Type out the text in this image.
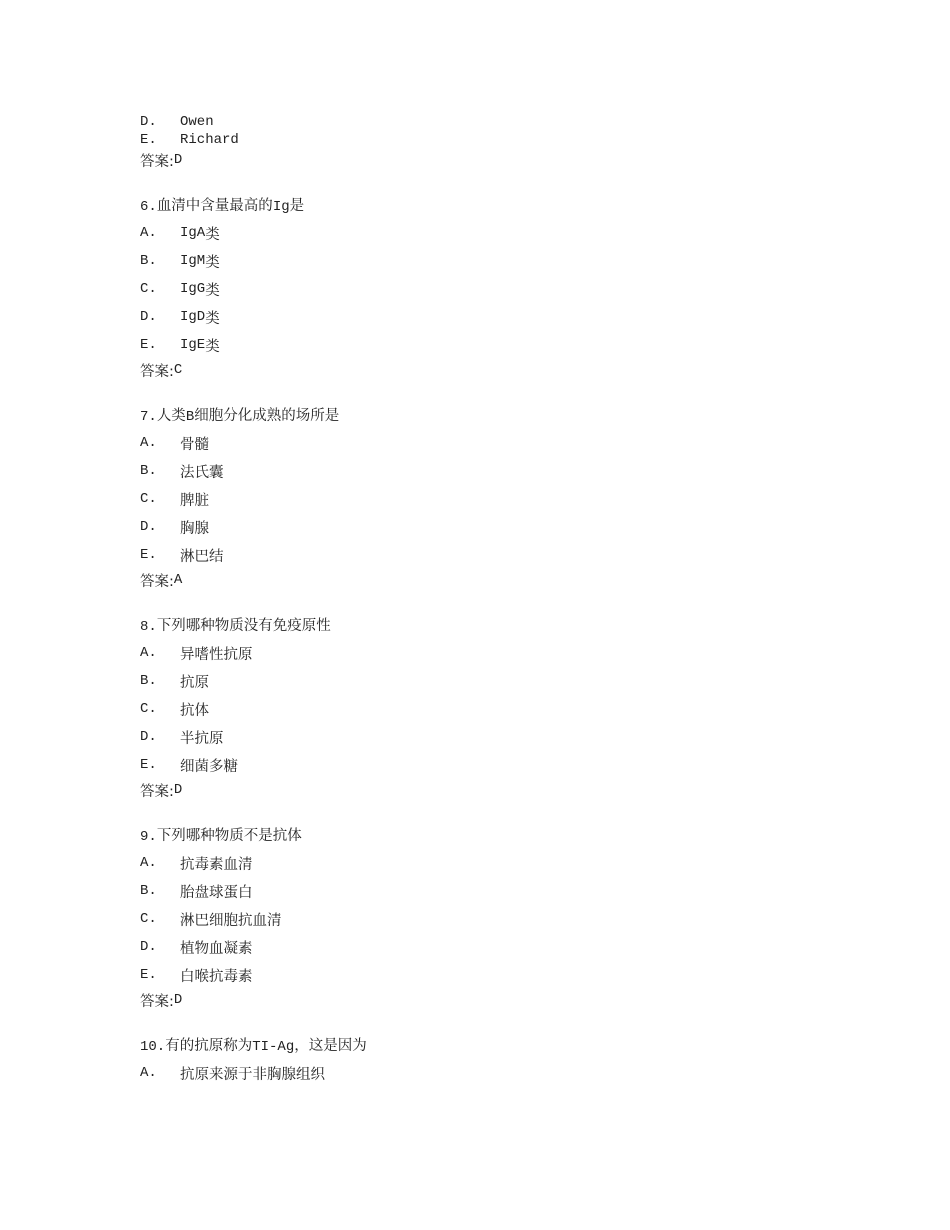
D.	Owen
E.	Richard
答案: D
6. 血清中含量最高的 Ig 是
A.	IgA 类
B.	IgM 类
C.	IgG 类
D.	IgD 类
E.	IgE 类
答案: C
7. 人类 B 细胞分化成熟的场所是
A.	骨髓
B.	法氏囊
C.	脾脏
D.	胸腺
E.	淋巴结
答案: A
8. 下列哪种物质没有免疫原性
A.	异嗜性抗原
B.	抗原
C.	抗体
D.	半抗原
E.	细菌多糖
答案: D
9. 下列哪种物质不是抗体
A.	抗毒素血清
B.	胎盘球蛋白
C.	淋巴细胞抗血清
D.	植物血凝素
E.	白喉抗毒素
答案: D
10. 有的抗原称为 TI-Ag ，这是因为
A.	抗原来源于非胸腺组织
